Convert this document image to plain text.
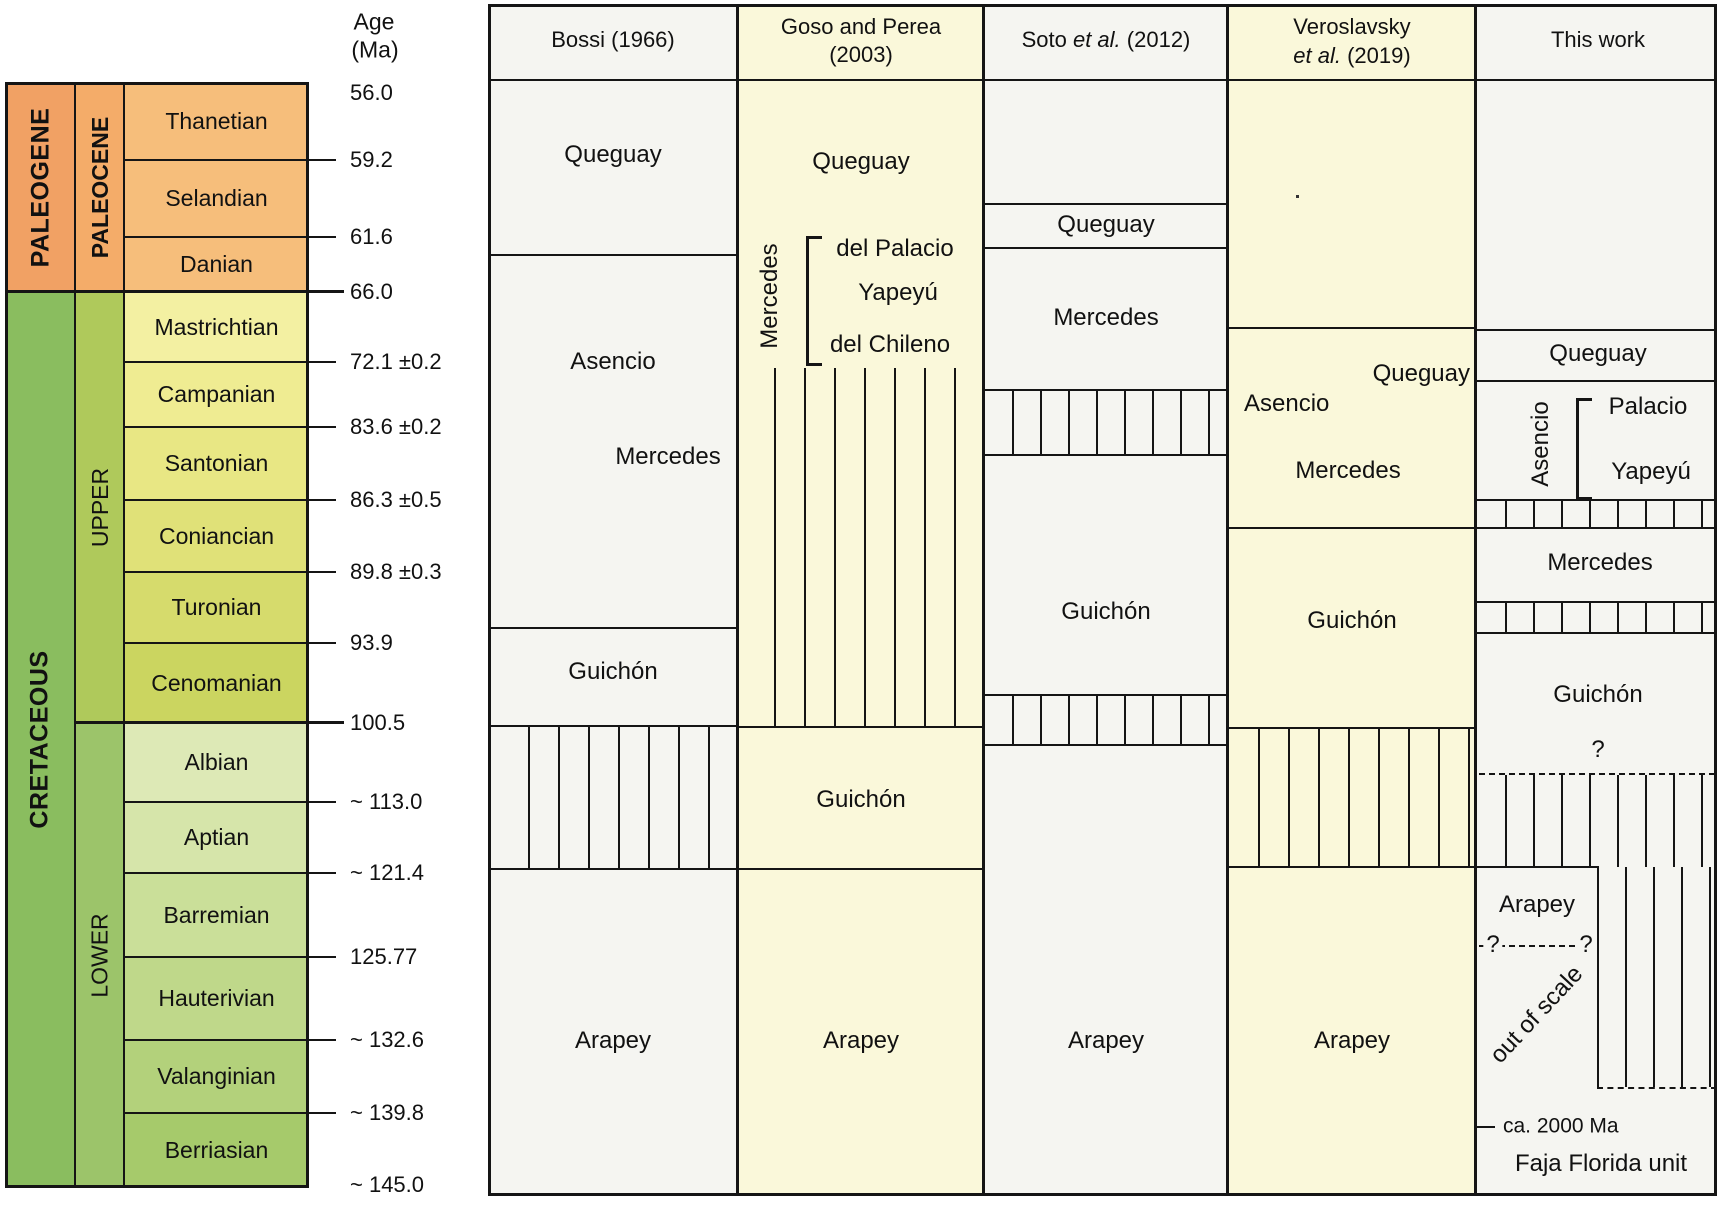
PALEOGENE
CRETACEOUS
PALEOCENE
UPPER
LOWER
Thanetian
Selandian
Danian
Mastrichtian
Campanian
Santonian
Coniancian
Turonian
Cenomanian
Albian
Aptian
Barremian
Hauterivian
Valanginian
Berriasian
Age
(Ma)
56.0
59.2
61.6
66.0
72.1 ±0.2
83.6 ±0.2
86.3 ±0.5
89.8 ±0.3
93.9
100.5
~ 113.0
~ 121.4
125.77
~ 132.6
~ 139.8
~ 145.0
Bossi (1966)
Goso and Perea
(2003)
Soto et al. (2012)
Veroslavsky
et al. (2019)
This work
Queguay
Asencio
Mercedes
Guichón
Arapey
Queguay
Mercedes del Palacio
Yapeyú
del Chileno
Guichón
Arapey
Queguay
Mercedes
Guichón
Arapey
Queguay
Asencio
Mercedes
Guichón
Arapey
Queguay
Asencio Palacio
Yapeyú
Mercedes
Guichón
?
Arapey
?	?
out of scale
ca. 2000 Ma
Faja Florida unit
